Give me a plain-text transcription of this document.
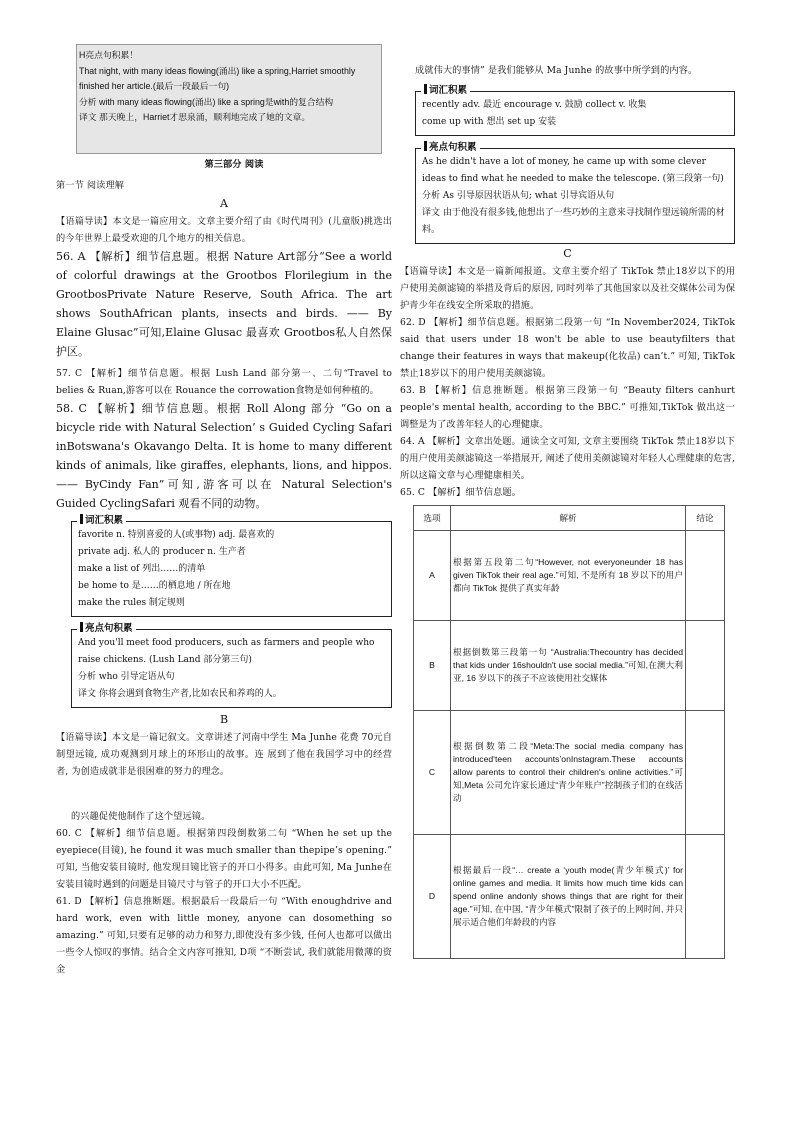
H亮点句积累！
That night, with many ideas flowing(涌出) like a spring,Harriet smoothly finished her article.(最后一段最后一句)
分析 with many ideas flowing(涌出) like a spring是with的复合结构
译文 那天晚上，Harriet才思泉涌，顺利地完成了她的文章。
第三部分 阅读
第一节 阅读理解
A

【语篇导读】本文是一篇应用文。文章主要介绍了由《时代周刊》(儿童版)挑选出的今年世界上最受欢迎的几个地方的相关信息。

56. A 【解析】细节信息题。根据 Nature Art部分“See a world of colorful drawings at the Grootbos Florilegium in the GrootbosPrivate Nature Reserve, South Africa. The art shows SouthAfrican plants, insects and birds. —— By Elaine Glusac”可知,Elaine Glusac 最喜欢 Grootbos私人自然保护区。

57. C 【解析】细节信息题。根据 Lush Land 部分第一、二句“Travel to belies & Ruan,游客可以在 Rouance the corrowation食物是如何种植的。

58. C 【解析】细节信息题。根据 Roll Along 部分 “Go on a bicycle ride with Natural Selection’ s Guided Cycling Safari inBotswana's Okavango Delta. It is home to many different kinds of animals, like giraffes, elephants, lions, and hippos. —— ByCindy Fan”可知,游客可以在 Natural Selection's Guided CyclingSafari 观看不同的动物。

词汇积累
favorite n. 特别喜爱的人(或事物) adj. 最喜欢的
private adj. 私人的 producer n. 生产者
make a list of 列出……的清单
be home to 是……的栖息地 / 所在地
make the rules 制定规则
亮点句积累
And you'll meet food producers, such as farmers and people who raise chickens. (Lush Land 部分第三句)
分析 who 引导定语从句
译文 你将会遇到食物生产者,比如农民和养鸡的人。
B

【语篇导读】本文是一篇记叙文。文章讲述了河南中学生 Ma Junhe 花费 70元自制望远镜, 成功观测到月球上的环形山的故事。连 展到了他在我国学习中的经营者, 为创造成就非是很困难的努力的理念。

的兴趣促使他制作了这个望远镜。

60. C 【解析】细节信息题。根据第四段倒数第二句 “When he set up the eyepiece(目镜), he found it was much smaller than thepipe’s opening.” 可知, 当他安装目镜时, 他发现目镜比管子的开口小得多。由此可知, Ma Junhe在安装目镜时遇到的问题是目镜尺寸与管子的开口大小不匹配。

61. D 【解析】信息推断题。根据最后一段最后一句 “With enoughdrive and hard work, even with little money, anyone can dosomething so amazing.” 可知,只要有足够的动力和努力,即使没有多少钱, 任何人也都可以做出一些令人惊叹的事情。结合全文内容可推知, D项 “不断尝试, 我们就能用微薄的资金

成就伟大的事情” 是我们能够从 Ma Junhe 的故事中所学到的内容。

词汇积累
recently adv. 最近 encourage v. 鼓励 collect v. 收集
come up with 想出 set up 安装
亮点句积累
As he didn't have a lot of money, he came up with some clever ideas to find what he needed to make the telescope. (第三段第一句)
分析 As 引导原因状语从句; what 引导宾语从句
译文 由于他没有很多钱,他想出了一些巧妙的主意来寻找制作望远镜所需的材料。
C

【语篇导读】本文是一篇新闻报道。文章主要介绍了 TikTok 禁止18岁以下的用户使用美颜滤镜的举措及背后的原因, 同时列举了其他国家以及社交媒体公司为保护青少年在线安全所采取的措施。

62. D 【解析】细节信息题。根据第二段第一句 “In November2024, TikTok said that users under 18 won't be able to use beautyfilters that change their features in ways that makeup(化妆品) can’t.” 可知, TikTok禁止18岁以下的用户使用美颜滤镜。

63. B 【解析】信息推断题。根据第三段第一句 “Beauty filters canhurt people's mental health, according to the BBC.” 可推知,TikTok 做出这一调整是为了改善年轻人的心理健康。

64. A 【解析】文章出处题。通读全文可知, 文章主要围绕 TikTok 禁止18岁以下的用户使用美颜滤镜这一举措展开, 阐述了使用美颜滤镜对年轻人心理健康的危害, 所以这篇文章与心理健康相关。

65. C 【解析】细节信息题。

选项	解析	结论
A	根据第五段第二句“However, not everyoneunder 18 has given TikTok their real age.”可知, 不是所有 18 岁以下的用户都向 TikTok 提供了真实年龄	
B	根据倒数第三段第一句 “Australia:Thecountry has decided that kids under 16shouldn't use social media.”可知,在澳大利亚, 16 岁以下的孩子不应该使用社交媒体	
C	根据倒数第二段“Meta:The social media company has introduced‘teen accounts’onInstagram.These accounts allow parents to control their children's online activities.”可知,Meta 公司允许家长通过“青少年账户”控制孩子们的在线活动	
D	根据最后一段“… create a ‘youth mode(青少年模式)’ for online games and media. It limits how much time kids can spend online andonly shows things that are right for their age.”可知, 在中国, “青少年模式”限制了孩子的上网时间, 并只展示适合他们年龄段的内容	
